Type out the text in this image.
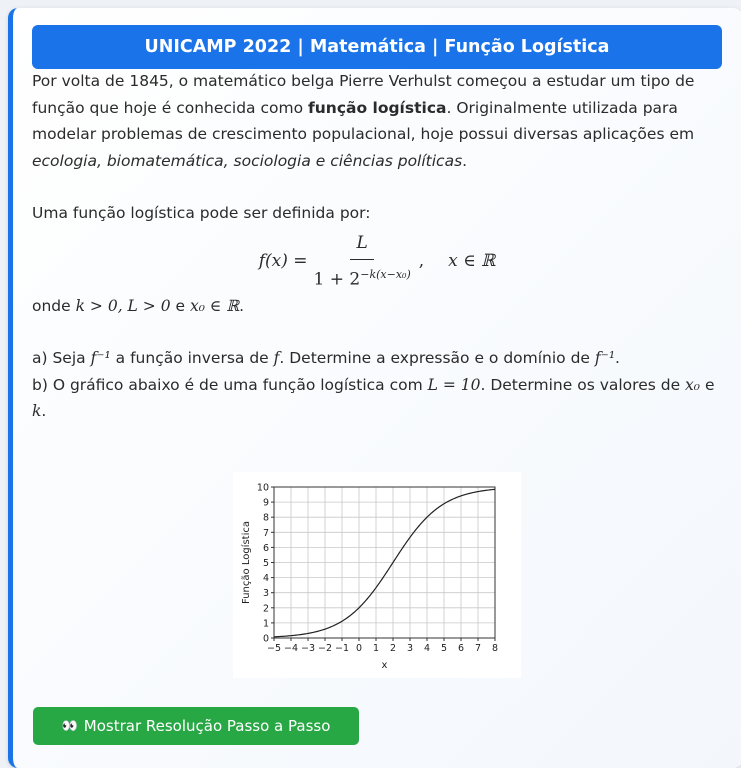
UNICAMP 2022 | Matemática | Função Logística

Por volta de 1845, o matemático belga Pierre Verhulst começou a estudar um tipo de função que hoje é conhecida como função logística. Originalmente utilizada para modelar problemas de crescimento populacional, hoje possui diversas aplicações em ecologia, biomatemática, sociologia e ciências políticas.

Uma função logística pode ser definida por:

$f(x) = \frac{L}{1 + 2^{-k(x-x_0)}}$ , x ∈ ℝ

onde k > 0, L > 0 e x₀ ∈ ℝ.

a) Seja f⁻¹ a função inversa de f. Determine a expressão e o domínio de f⁻¹.

b) O gráfico abaixo é de uma função logística com L = 10. Determine os valores de x₀ e k.

−5 −4 −3 −2 −1 0 1 2 3 4 5 6 7 8
0
1
2
3
4
5
6
7
8
9
10
x
Função Logística
👀 Mostrar Resolução Passo a Passo
